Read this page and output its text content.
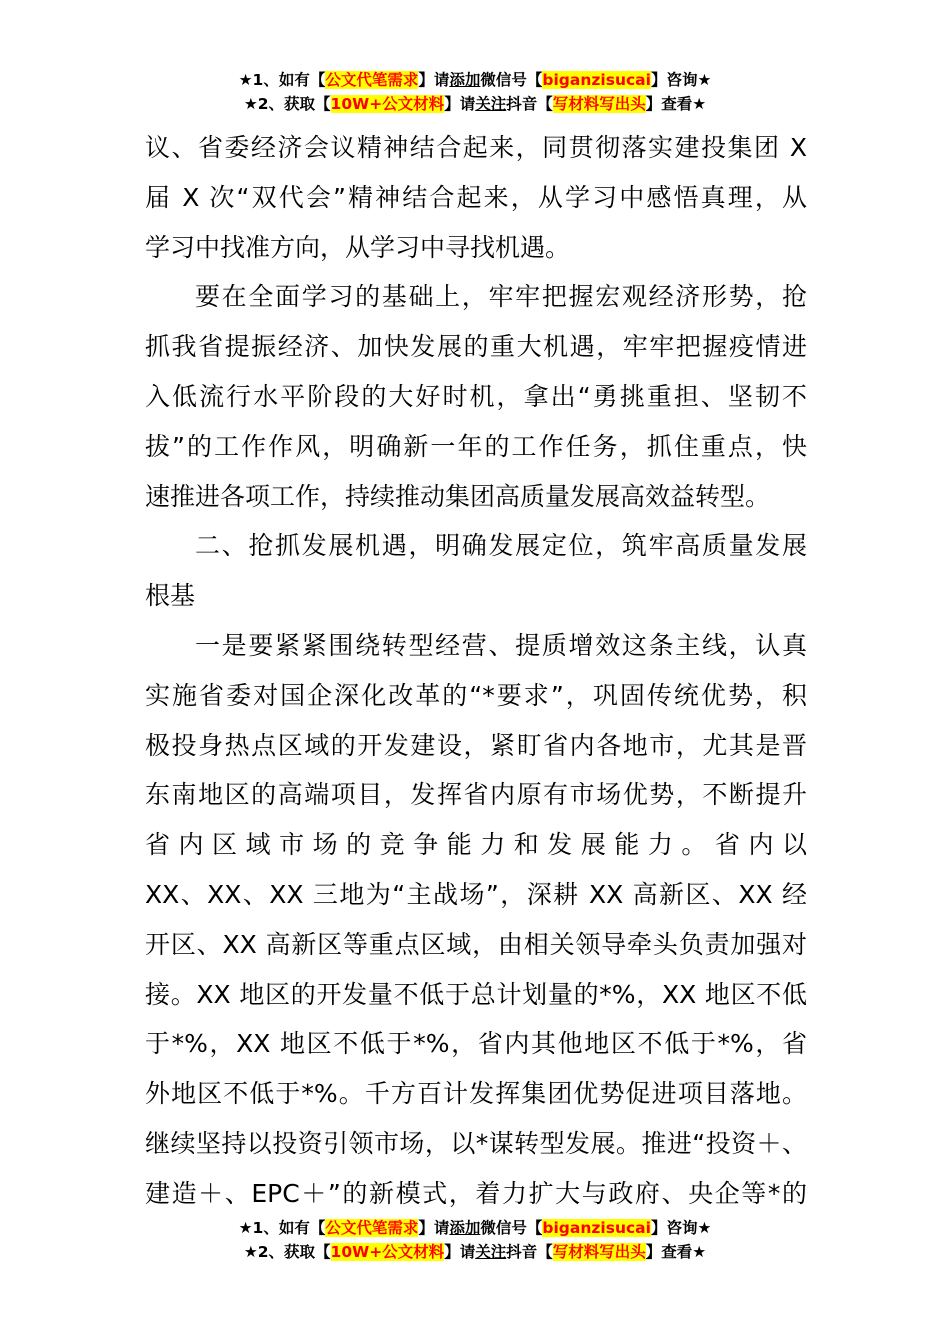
★1、如有【公文代笔需求】请添加微信号【biganzisucai】咨询★
★2、获取【10W+公文材料】请关注抖音【写材料写出头】查看★

议、省委经济会议精神结合起来，同贯彻落实建投集团 X
届 X 次“双代会”精神结合起来，从学习中感悟真理，从
学习中找准方向，从学习中寻找机遇。

要在全面学习的基础上，牢牢把握宏观经济形势，抢
抓我省提振经济、加快发展的重大机遇，牢牢把握疫情进
入低流行水平阶段的大好时机，拿出“勇挑重担、坚韧不
拔”的工作作风，明确新一年的工作任务，抓住重点，快
速推进各项工作，持续推动集团高质量发展高效益转型。

二、抢抓发展机遇，明确发展定位，筑牢高质量发展
根基

一是要紧紧围绕转型经营、提质增效这条主线，认真
实施省委对国企深化改革的“*要求”，巩固传统优势，积
极投身热点区域的开发建设，紧盯省内各地市，尤其是晋
东南地区的高端项目，发挥省内原有市场优势，不断提升
省内区域市场的竞争能力和发展能力。省内以
XX、XX、XX 三地为“主战场”，深耕 XX 高新区、XX 经
开区、XX 高新区等重点区域，由相关领导牵头负责加强对
接。XX 地区的开发量不低于总计划量的*%，XX 地区不低
于*%，XX 地区不低于*%，省内其他地区不低于*%，省
外地区不低于*%。千方百计发挥集团优势促进项目落地。
继续坚持以投资引领市场，以*谋转型发展。推进“投资＋、
建造＋、EPC＋”的新模式，着力扩大与政府、央企等*的

★1、如有【公文代笔需求】请添加微信号【biganzisucai】咨询★
★2、获取【10W+公文材料】请关注抖音【写材料写出头】查看★
